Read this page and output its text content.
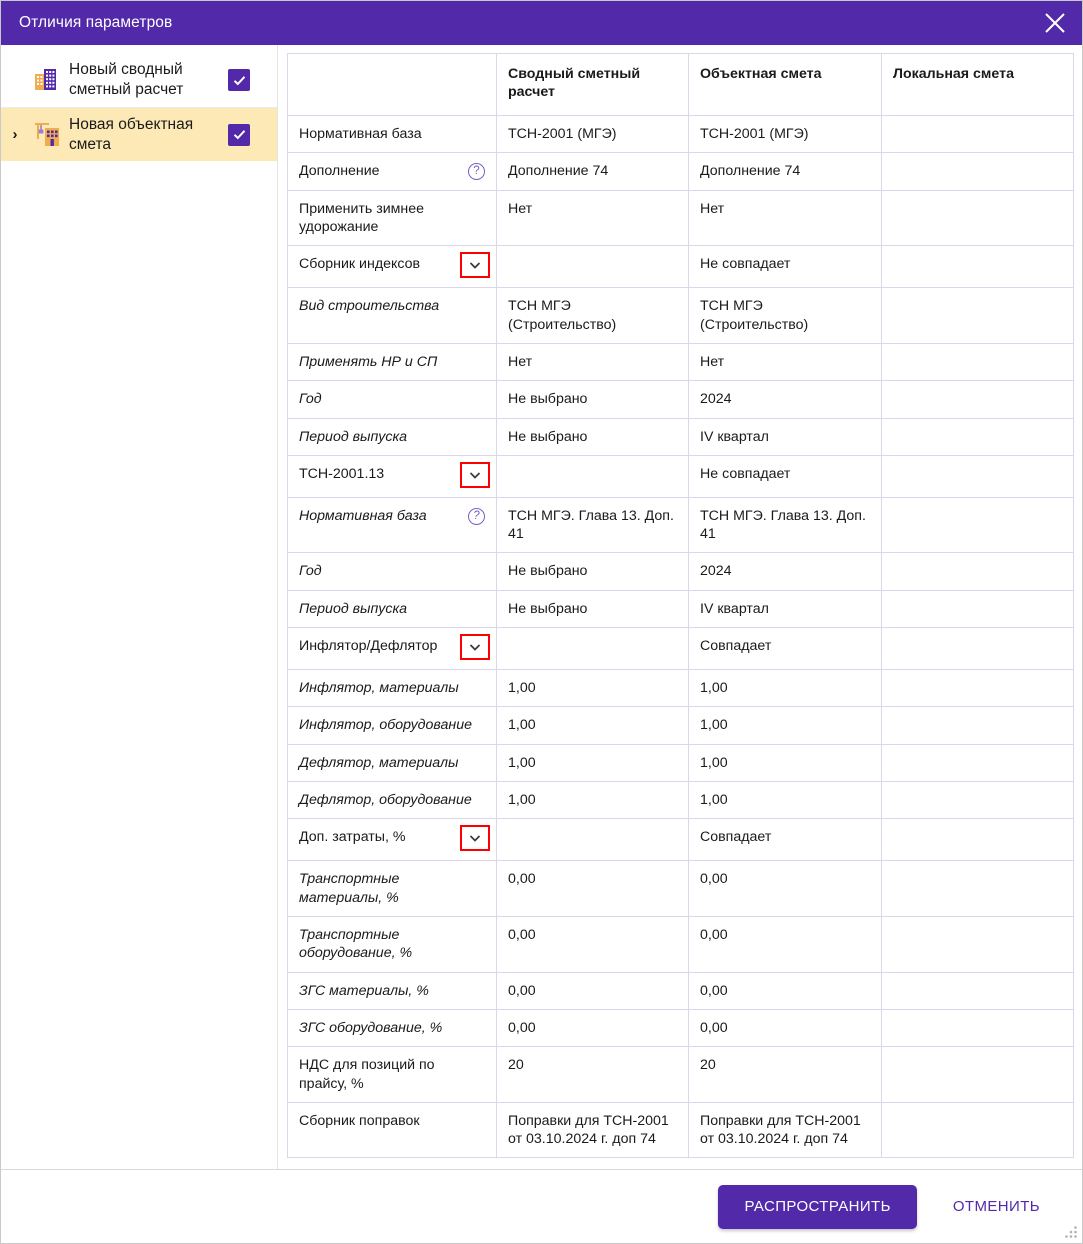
Отличия параметров
Новый сводный сметный расчет
›
Новая объектная смета
	Сводный сметный расчет	Объектная смета	Локальная смета

Нормативная база	ТСН-2001 (МГЭ)	ТСН-2001 (МГЭ)	

Дополнение ?	Дополнение 74	Дополнение 74	

Применить зимнее удорожание	Нет	Нет	

Сборник индексов		Не совпадает	

Вид строительства	ТСН МГЭ (Строительство)	ТСН МГЭ (Строительство)	

Применять НР и СП	Нет	Нет	

Год	Не выбрано	2024	

Период выпуска	Не выбрано	IV квартал	

ТСН-2001.13		Не совпадает	

Нормативная база ?	ТСН МГЭ. Глава 13. Доп. 41	ТСН МГЭ. Глава 13. Доп. 41	

Год	Не выбрано	2024	

Период выпуска	Не выбрано	IV квартал	

Инфлятор/Дефлятор		Совпадает	

Инфлятор, материалы	1,00	1,00	

Инфлятор, оборудование	1,00	1,00	

Дефлятор, материалы	1,00	1,00	

Дефлятор, оборудование	1,00	1,00	

Доп. затраты, %		Совпадает	

Транспортные материалы, %	0,00	0,00	

Транспортные оборудование, %	0,00	0,00	

ЗГС материалы, %	0,00	0,00	

ЗГС оборудование, %	0,00	0,00	

НДС для позиций по прайсу, %	20	20	

Сборник поправок	Поправки для ТСН-2001 от 03.10.2024 г. доп 74	Поправки для ТСН-2001 от 03.10.2024 г. доп 74	
РАСПРОСТРАНИТЬ	ОТМЕНИТЬ
